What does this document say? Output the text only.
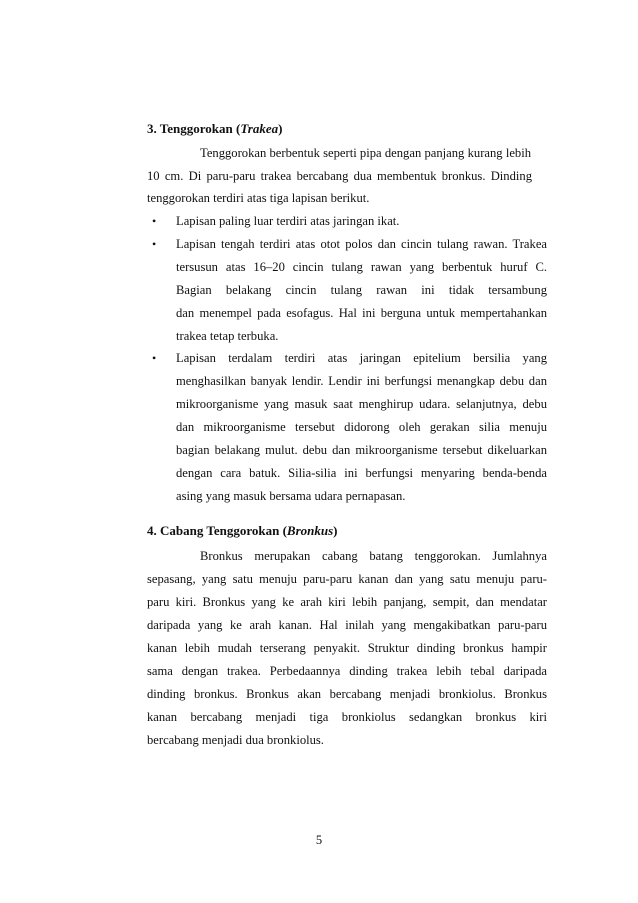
3. Tenggorokan (Trakea)
Tenggorokan berbentuk seperti pipa dengan panjang kurang lebih
10 cm. Di paru-paru trakea bercabang dua membentuk bronkus. Dinding
tenggorokan terdiri atas tiga lapisan berikut.
• Lapisan paling luar terdiri atas jaringan ikat.
• Lapisan tengah terdiri atas otot polos dan cincin tulang rawan. Trakea
tersusun atas 16–20 cincin tulang rawan yang berbentuk huruf C.
Bagian belakang cincin tulang rawan ini tidak tersambung
dan menempel pada esofagus. Hal ini berguna untuk mempertahankan
trakea tetap terbuka.
• Lapisan terdalam terdiri atas jaringan epitelium bersilia yang
menghasilkan banyak lendir. Lendir ini berfungsi menangkap debu dan
mikroorganisme yang masuk saat menghirup udara. selanjutnya, debu
dan mikroorganisme tersebut didorong oleh gerakan silia menuju
bagian belakang mulut. debu dan mikroorganisme tersebut dikeluarkan
dengan cara batuk. Silia-silia ini berfungsi menyaring benda-benda
asing yang masuk bersama udara pernapasan.
4. Cabang Tenggorokan (Bronkus)
Bronkus merupakan cabang batang tenggorokan. Jumlahnya
sepasang, yang satu menuju paru-paru kanan dan yang satu menuju paru-
paru kiri. Bronkus yang ke arah kiri lebih panjang, sempit, dan mendatar
daripada yang ke arah kanan. Hal inilah yang mengakibatkan paru-paru
kanan lebih mudah terserang penyakit. Struktur dinding bronkus hampir
sama dengan trakea. Perbedaannya dinding trakea lebih tebal daripada
dinding bronkus. Bronkus akan bercabang menjadi bronkiolus. Bronkus
kanan bercabang menjadi tiga bronkiolus sedangkan bronkus kiri
bercabang menjadi dua bronkiolus.
5
